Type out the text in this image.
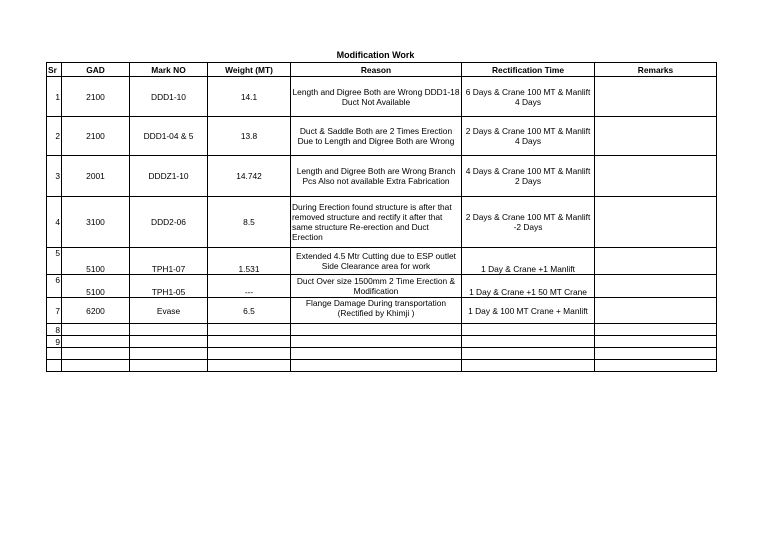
Modification Work
Sr	GAD	Mark NO	Weight (MT)	Reason	Rectification Time	Remarks
1	2100	DDD1-10	14.1	Length and Digree Both are Wrong DDD1-18 Duct Not Available	6 Days & Crane 100 MT & Manlift 4 Days	
2	2100	DDD1-04 & 5	13.8	Duct & Saddle Both are 2 Times Erection Due to Length and Digree Both are Wrong	2 Days & Crane 100 MT & Manlift 4 Days	
3	2001	DDDZ1-10	14.742	Length and Digree Both are Wrong Branch Pcs Also not available Extra Fabrication	4 Days & Crane 100 MT & Manlift 2 Days	
4	3100	DDD2-06	8.5	During Erection found structure is after that removed structure and rectify it after that same structure Re-erection and Duct Erection	2 Days & Crane 100 MT & Manlift -2 Days	
5	5100	TPH1-07	1.531	Extended 4.5 Mtr Cutting due to ESP outlet Side Clearance area for work	1 Day & Crane +1 Manlift	
6	5100	TPH1-05	---	Duct Over size 1500mm 2 Time Erection & Modification	1 Day & Crane +1 50 MT Crane	
7	6200	Evase	6.5	Flange Damage During transportation (Rectified by Khimji )	1 Day & 100 MT Crane + Manlift	
8						
9						
